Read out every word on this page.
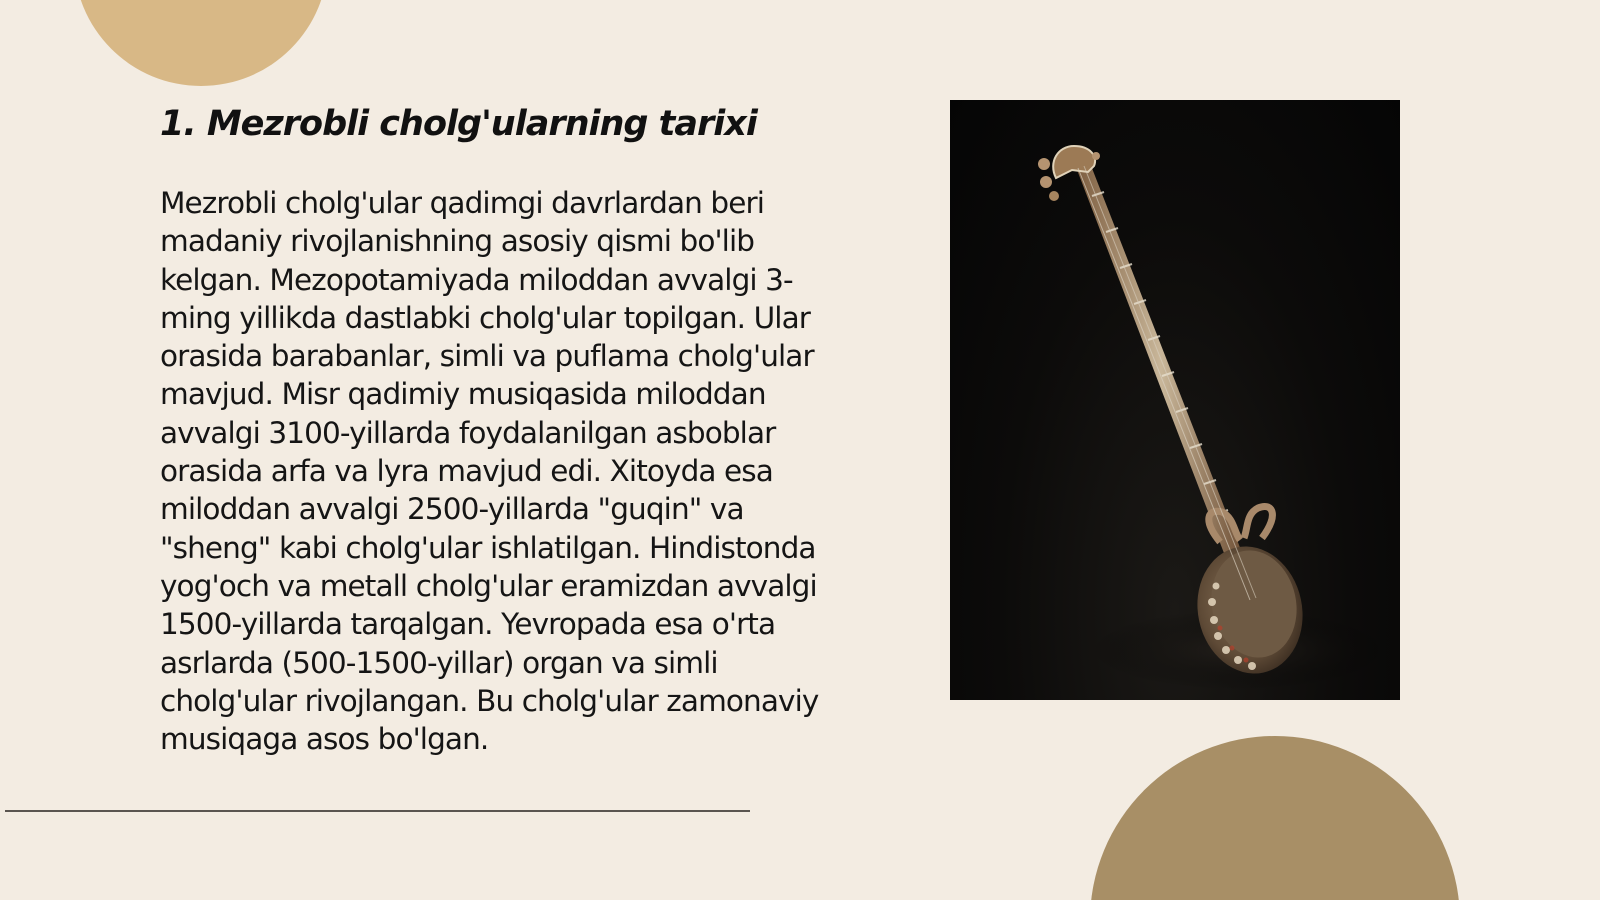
1. Mezrobli cholg'ularning tarixi

Mezrobli cholg'ular qadimgi davrlardan beri madaniy rivojlanishning asosiy qismi bo'lib kelgan. Mezopotamiyada miloddan avvalgi 3-ming yillikda dastlabki cholg'ular topilgan. Ular orasida barabanlar, simli va puflama cholg'ular mavjud. Misr qadimiy musiqasida miloddan avvalgi 3100-yillarda foydalanilgan asboblar orasida arfa va lyra mavjud edi. Xitoyda esa miloddan avvalgi 2500-yillarda "guqin" va "sheng" kabi cholg'ular ishlatilgan. Hindistonda yog'och va metall cholg'ular eramizdan avvalgi 1500-yillarda tarqalgan. Yevropada esa o'rta asrlarda (500-1500-yillar) organ va simli cholg'ular rivojlangan. Bu cholg'ular zamonaviy musiqaga asos bo'lgan.
